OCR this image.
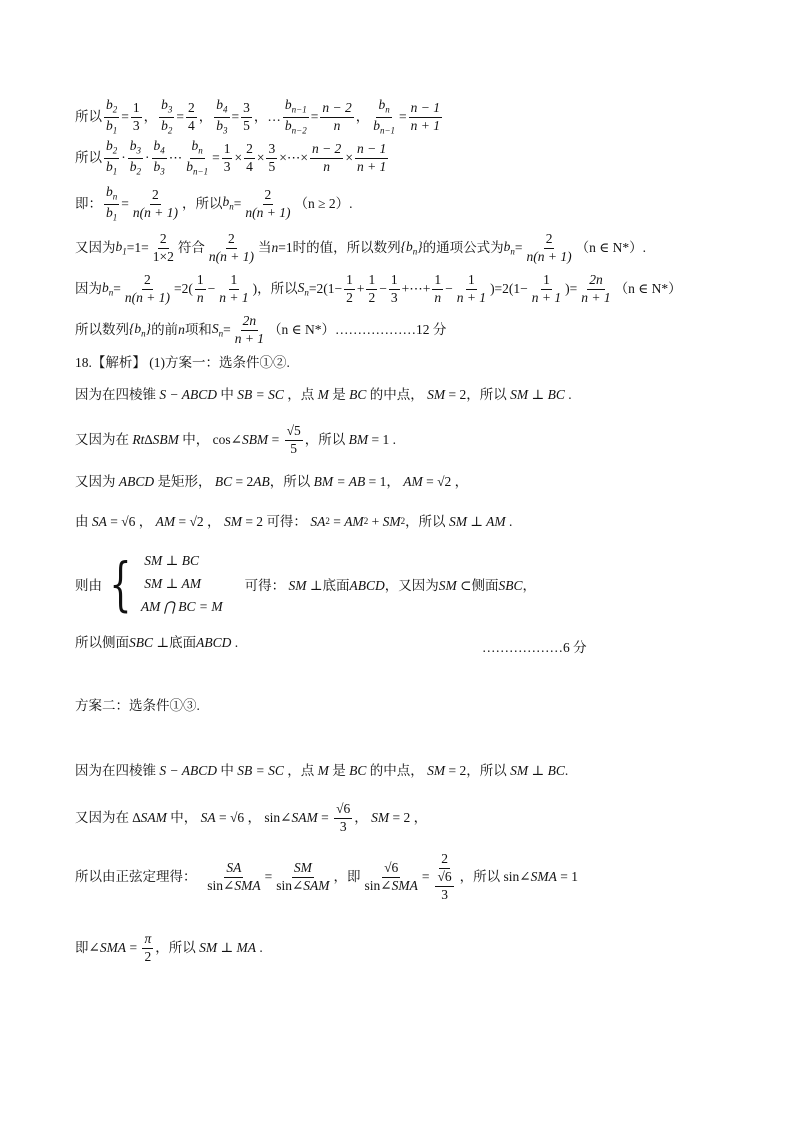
所以
$b_2$
$b_1$
=
1
3
，
$b_3$
$b_2$
=
2
4
，
$b_4$
$b_3$
=
3
5
， …
$b_{n-1}$
$b_{n-2}$
=
n − 2
n
，
$b_n$
$b_{n-1}$
=
n − 1
n + 1
所以
$b_2$
$b_1$
·
$b_3$
$b_2$
·
$b_4$
$b_3$
⋯
$b_n$
$b_{n-1}$
=
1
3
×
2
4
×
3
5
×⋯×
n − 2
n
×
n − 1
n + 1
即：
$b_n$
$b_1$
=
2
n(n + 1)
，所以 $b_n$ =
2
n(n + 1)
（n ≥ 2）.
又因为 $b_1 =1=$
2
1×2
符合
2
n(n + 1)
当 n =1 时的值，所以数列 $\{b_n\}$ 的通项公式为 $b_n$ =
2
n(n + 1)
（n ∈ N*）.
因为 $b_n$ =
2
n(n + 1)
=2(
1
n
−
1
n + 1
) ，所以 $S_n =2(1-$
1
2
+
1
2
−
1
3
+⋯+
1
n
−
1
n + 1
)=2(1−
1
n + 1
)=
2n
n + 1
（n ∈ N*）
所以数列 $\{b_n\}$ 的前 n 项和 $S_n$ =
2n
n + 1
（n ∈ N*）………………12 分
18.【解析】 (1)方案一：选条件①②.
因为在四棱锥 S − ABCD 中 SB = SC ，点 M 是 BC 的中点， SM = 2 ，所以 SM ⊥ BC .
又因为在 Rt∆SBM 中， cos∠ SBM =
√5
5
，所以 BM = 1 .
又因为 ABCD 是矩形， BC = 2 AB ，所以 BM = AB = 1， AM = √2 ，
由 SA = √6 ， AM = √2 ， SM = 2 可得：
SA 2 = AM 2 + SM 2 ，所以 SM ⊥ AM .
则由 { SM ⊥ BC
SM ⊥ AM
AM ⋂ BC = M
可得： SM ⊥底面ABCD，又因为SM ⊂侧面SBC，
所以侧面 SBC ⊥ 底面 ABCD .	………………6 分
方案二：选条件①③.
因为在四棱锥 S − ABCD 中 SB = SC ，点 M 是 BC 的中点， SM = 2 ，所以 SM ⊥ BC .
又因为在 ∆ SAM 中， SA = √6 ， sin∠ SAM =
√6
3
， SM = 2 ，
所以由正弦定理得：

SA
sin∠SMA
=
SM
sin∠SAM
，即
√6
sin∠SMA
=
2
$\frac{√6}{3}$ ，所以 sin∠ SMA = 1
即 ∠ SMA =
π
2
，所以 SM ⊥ MA .
